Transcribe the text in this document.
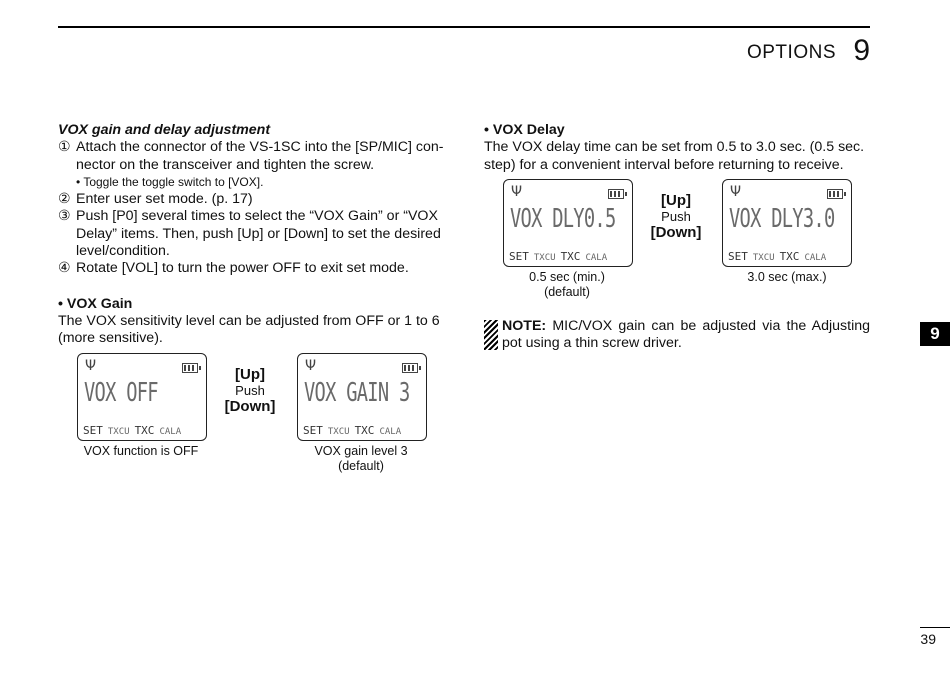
OPTIONS 9

VOX gain and delay adjustment

① Attach the connector of the VS-1SC into the [SP/MIC] con-nector on the transceiver and tighten the screw.
• Toggle the toggle switch to [VOX].
② Enter user set mode. (p. 17)
③ Push [P0] several times to select the “VOX Gain” or “VOX Delay” items. Then, push [Up] or [Down] to set the desired level/condition.
④ Rotate [VOL] to turn the power OFF to exit set mode.

• VOX Gain

The VOX sensitivity level can be adjusted from OFF or 1 to 6 (more sensitive).

Ψ
VOX OFF
SET TXCU TXC CALA
VOX function is OFF
[Up]
Push
[Down]
Ψ
VOX GAIN 3
SET TXCU TXC CALA
VOX gain level 3
(default)

• VOX Delay

The VOX delay time can be set from 0.5 to 3.0 sec. (0.5 sec. step) for a convenient interval before returning to receive.

Ψ
VOX DLY0.5
SET TXCU TXC CALA
0.5 sec (min.)
(default)
[Up]
Push
[Down]
Ψ
VOX DLY3.0
SET TXCU TXC CALA
3.0 sec (max.)
NOTE: MIC/VOX gain can be adjusted via the Adjusting pot using a thin screw driver.
9
39
